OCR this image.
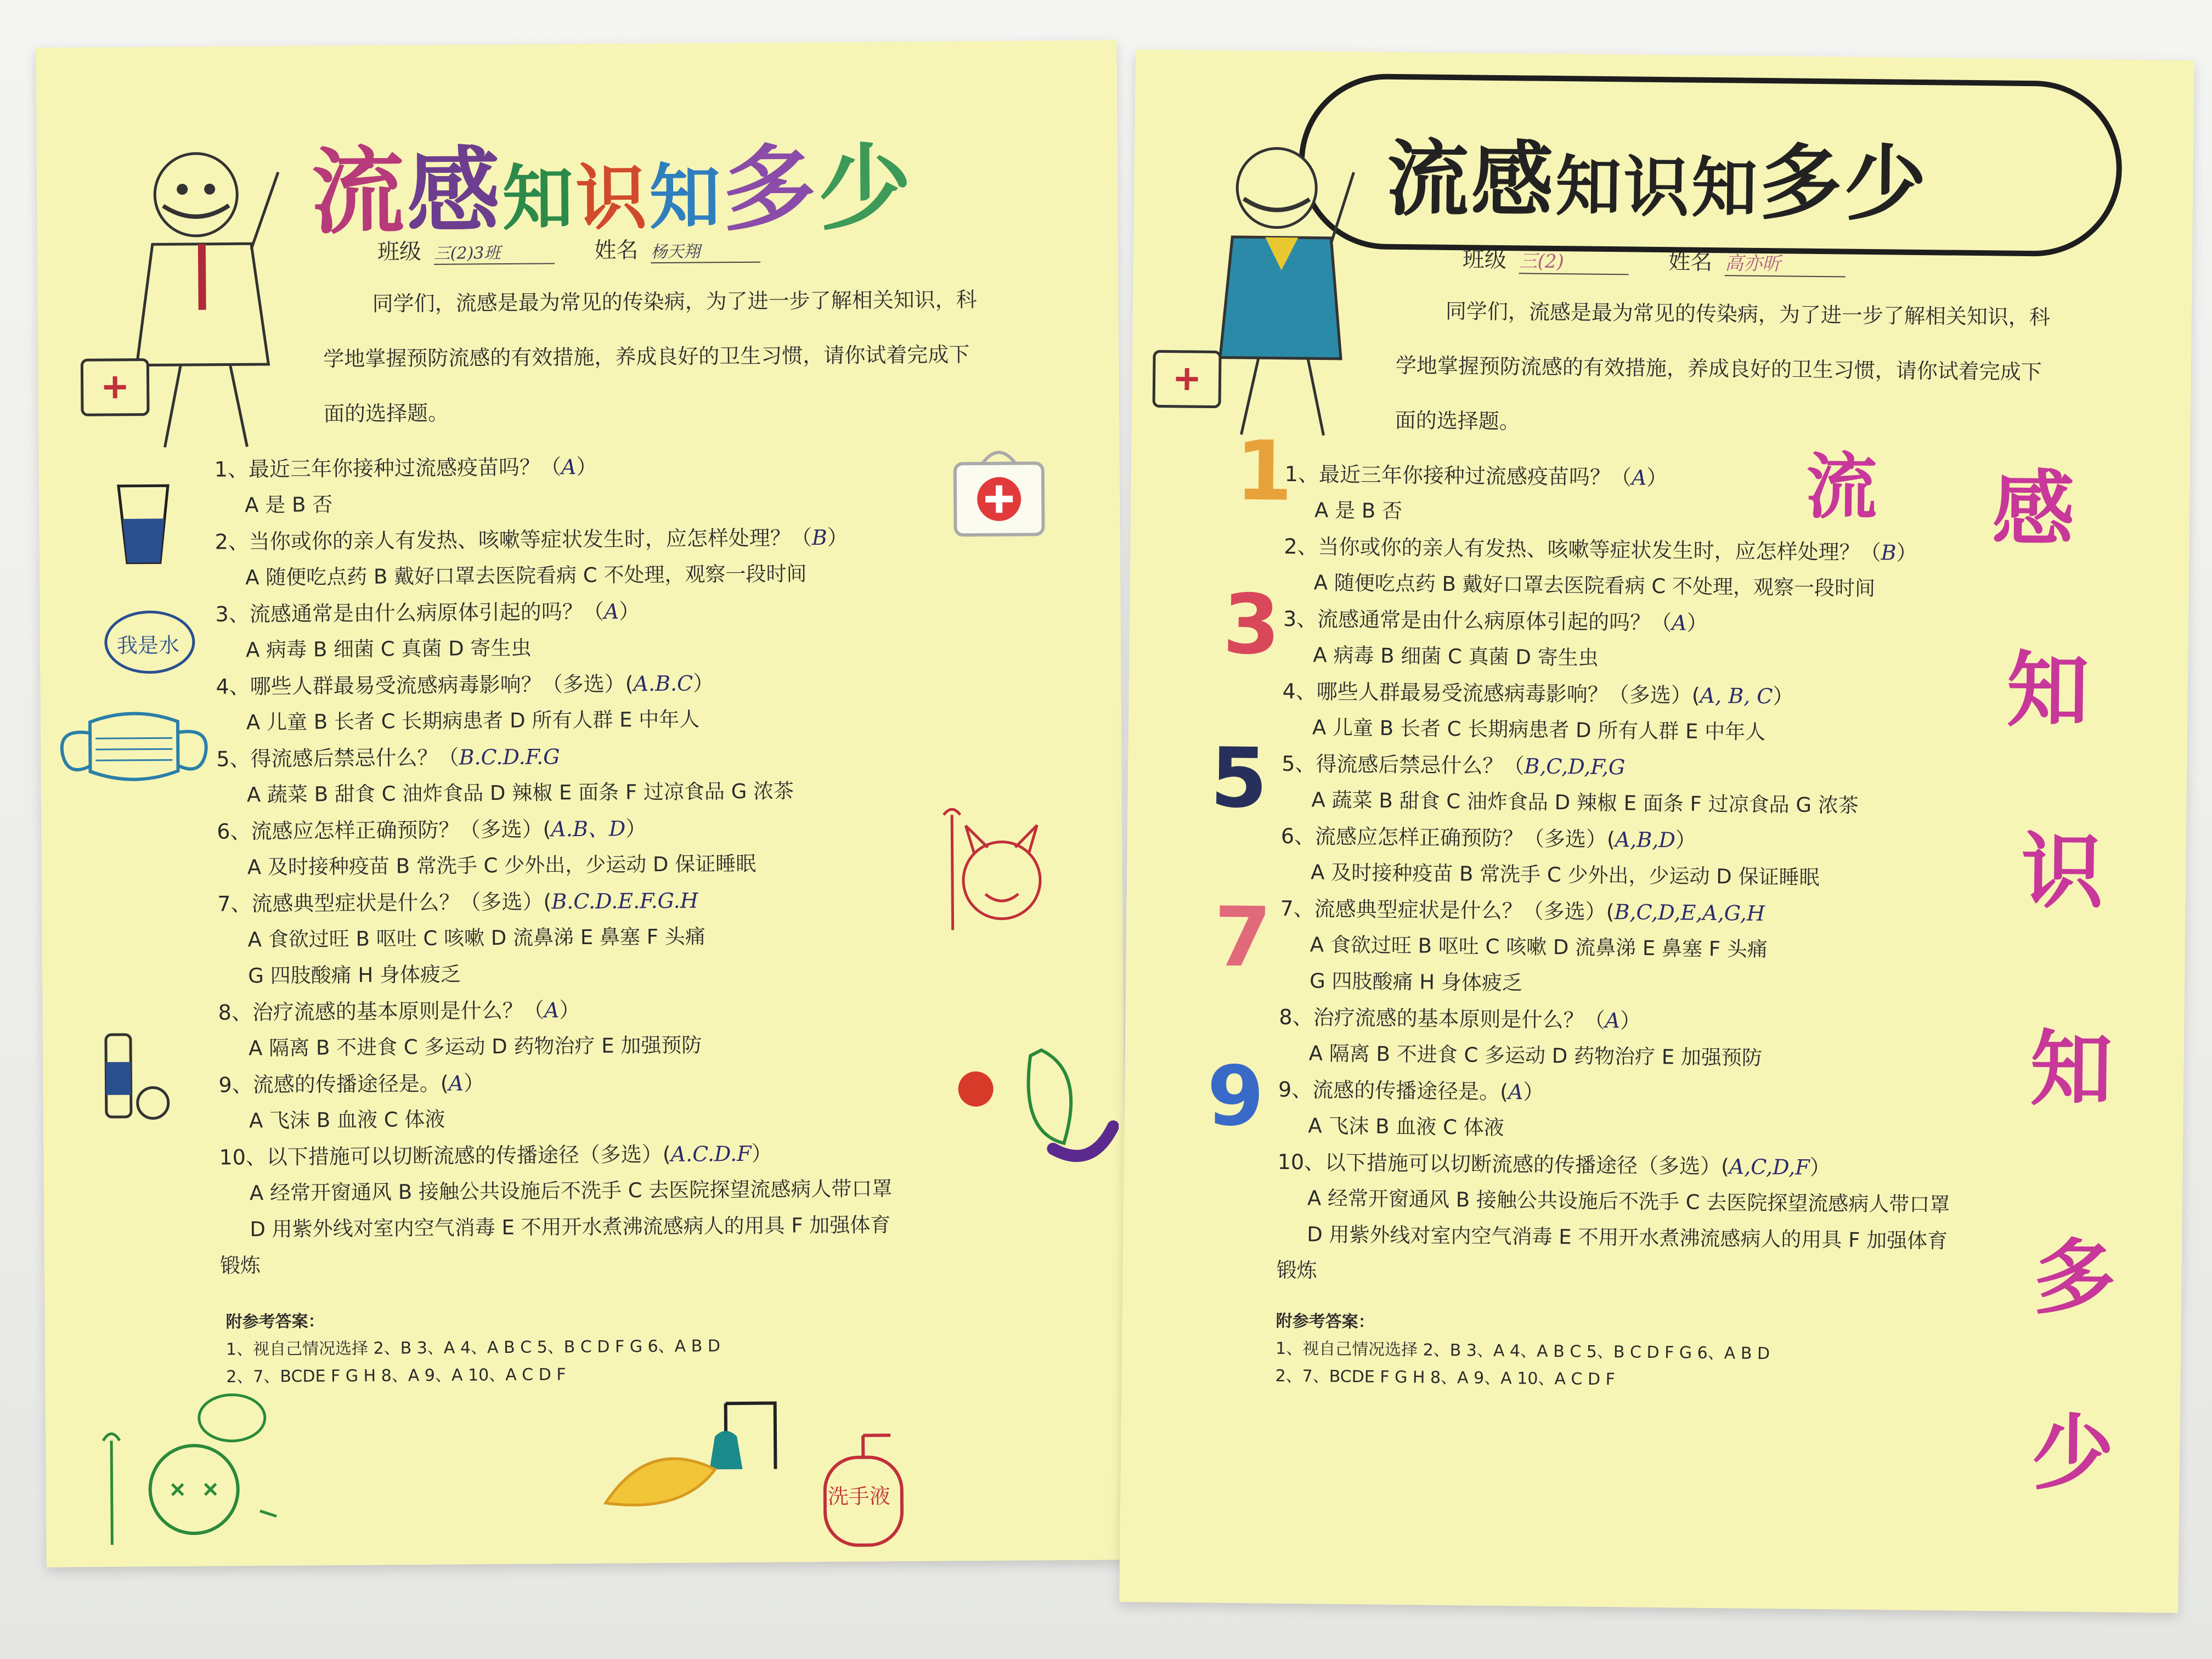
流感知识知多少
班级 三(2)3班	姓名 杨天翔
同学们，流感是最为常见的传染病，为了进一步了解相关知识，科
学地掌握预防流感的有效措施，养成良好的卫生习惯，请你试着完成下
面的选择题。
1、最近三年你接种过流感疫苗吗？（A）
A 是 B 否
2、当你或你的亲人有发热、咳嗽等症状发生时，应怎样处理？（B）
A 随便吃点药 B 戴好口罩去医院看病 C 不处理，观察一段时间
3、流感通常是由什么病原体引起的吗？（A）
A 病毒 B 细菌 C 真菌 D 寄生虫
4、哪些人群最易受流感病毒影响？（多选）(A.B.C）
A 儿童 B 长者 C 长期病患者 D 所有人群 E 中年人
5、得流感后禁忌什么？（B.C.D.F.G
A 蔬菜 B 甜食 C 油炸食品 D 辣椒 E 面条 F 过凉食品 G 浓茶
6、流感应怎样正确预防？（多选）(A.B、D）
A 及时接种疫苗 B 常洗手 C 少外出，少运动 D 保证睡眠
7、流感典型症状是什么？（多选）(B.C.D.E.F.G.H
A 食欲过旺 B 呕吐 C 咳嗽 D 流鼻涕 E 鼻塞 F 头痛
G 四肢酸痛 H 身体疲乏
8、治疗流感的基本原则是什么？（A）
A 隔离 B 不进食 C 多运动 D 药物治疗 E 加强预防
9、流感的传播途径是。(A）
A 飞沫 B 血液 C 体液
10、以下措施可以切断流感的传播途径（多选）(A.C.D.F）
A 经常开窗通风 B 接触公共设施后不洗手 C 去医院探望流感病人带口罩
D 用紫外线对室内空气消毒 E 不用开水煮沸流感病人的用具 F 加强体育
锻炼
附参考答案：
1、视自己情况选择 2、B 3、A 4、A B C 5、B C D F G 6、A B D
2、7、BCDE F G H 8、A 9、A 10、A C D F
我是水
洗手液
流感知识知多少
班级 三(2)	姓名 高亦昕
同学们，流感是最为常见的传染病，为了进一步了解相关知识，科
学地掌握预防流感的有效措施，养成良好的卫生习惯，请你试着完成下
面的选择题。
1、最近三年你接种过流感疫苗吗？（A）
A 是 B 否
2、当你或你的亲人有发热、咳嗽等症状发生时，应怎样处理？（B）
A 随便吃点药 B 戴好口罩去医院看病 C 不处理，观察一段时间
3、流感通常是由什么病原体引起的吗？（A）
A 病毒 B 细菌 C 真菌 D 寄生虫
4、哪些人群最易受流感病毒影响？（多选）(A, B, C）
A 儿童 B 长者 C 长期病患者 D 所有人群 E 中年人
5、得流感后禁忌什么？（B,C,D,F,G
A 蔬菜 B 甜食 C 油炸食品 D 辣椒 E 面条 F 过凉食品 G 浓茶
6、流感应怎样正确预防？（多选）(A,B,D）
A 及时接种疫苗 B 常洗手 C 少外出，少运动 D 保证睡眠
7、流感典型症状是什么？（多选）(B,C,D,E,A,G,H
A 食欲过旺 B 呕吐 C 咳嗽 D 流鼻涕 E 鼻塞 F 头痛
G 四肢酸痛 H 身体疲乏
8、治疗流感的基本原则是什么？（A）
A 隔离 B 不进食 C 多运动 D 药物治疗 E 加强预防
9、流感的传播途径是。(A）
A 飞沫 B 血液 C 体液
10、以下措施可以切断流感的传播途径（多选）(A,C,D,F）
A 经常开窗通风 B 接触公共设施后不洗手 C 去医院探望流感病人带口罩
D 用紫外线对室内空气消毒 E 不用开水煮沸流感病人的用具 F 加强体育
锻炼
1
3
5
7
9
流 感
知
识
知
多
少
附参考答案：
1、视自己情况选择 2、B 3、A 4、A B C 5、B C D F G 6、A B D
2、7、BCDE F G H 8、A 9、A 10、A C D F
